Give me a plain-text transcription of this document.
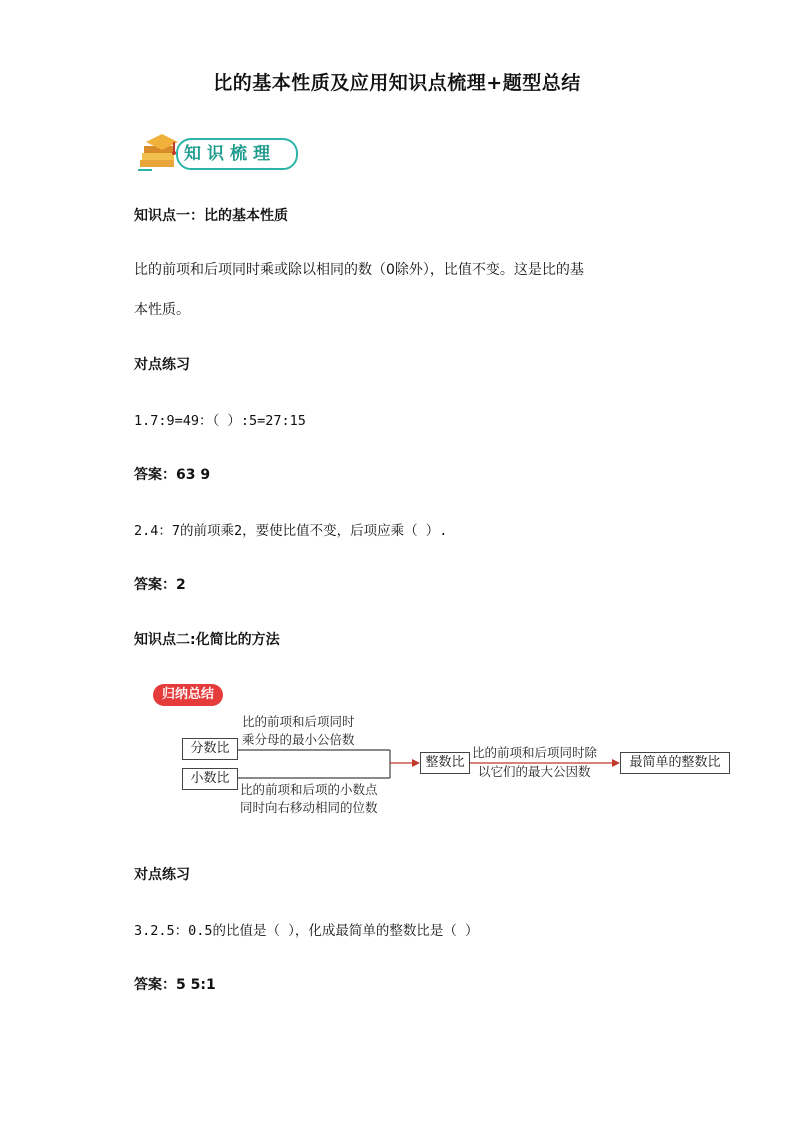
比的基本性质及应用知识点梳理+题型总结
知识梳理
知识点一：比的基本性质
比的前项和后项同时乘或除以相同的数（0除外），比值不变。这是比的基
本性质。
对点练习
1.7:9=49：（ ）:5=27:15
答案：63 9
2.4：7的前项乘2，要使比值不变，后项应乘（ ）.
答案：2
知识点二:化简比的方法
归纳总结
分数比
小数比
比的前项和后项同时
乘分母的最小公倍数
比的前项和后项的小数点
同时向右移动相同的位数
整数比
比的前项和后项同时除
以它们的最大公因数
最简单的整数比
对点练习
3.2.5：0.5的比值是（ ），化成最简单的整数比是（ ）
答案：5 5:1
